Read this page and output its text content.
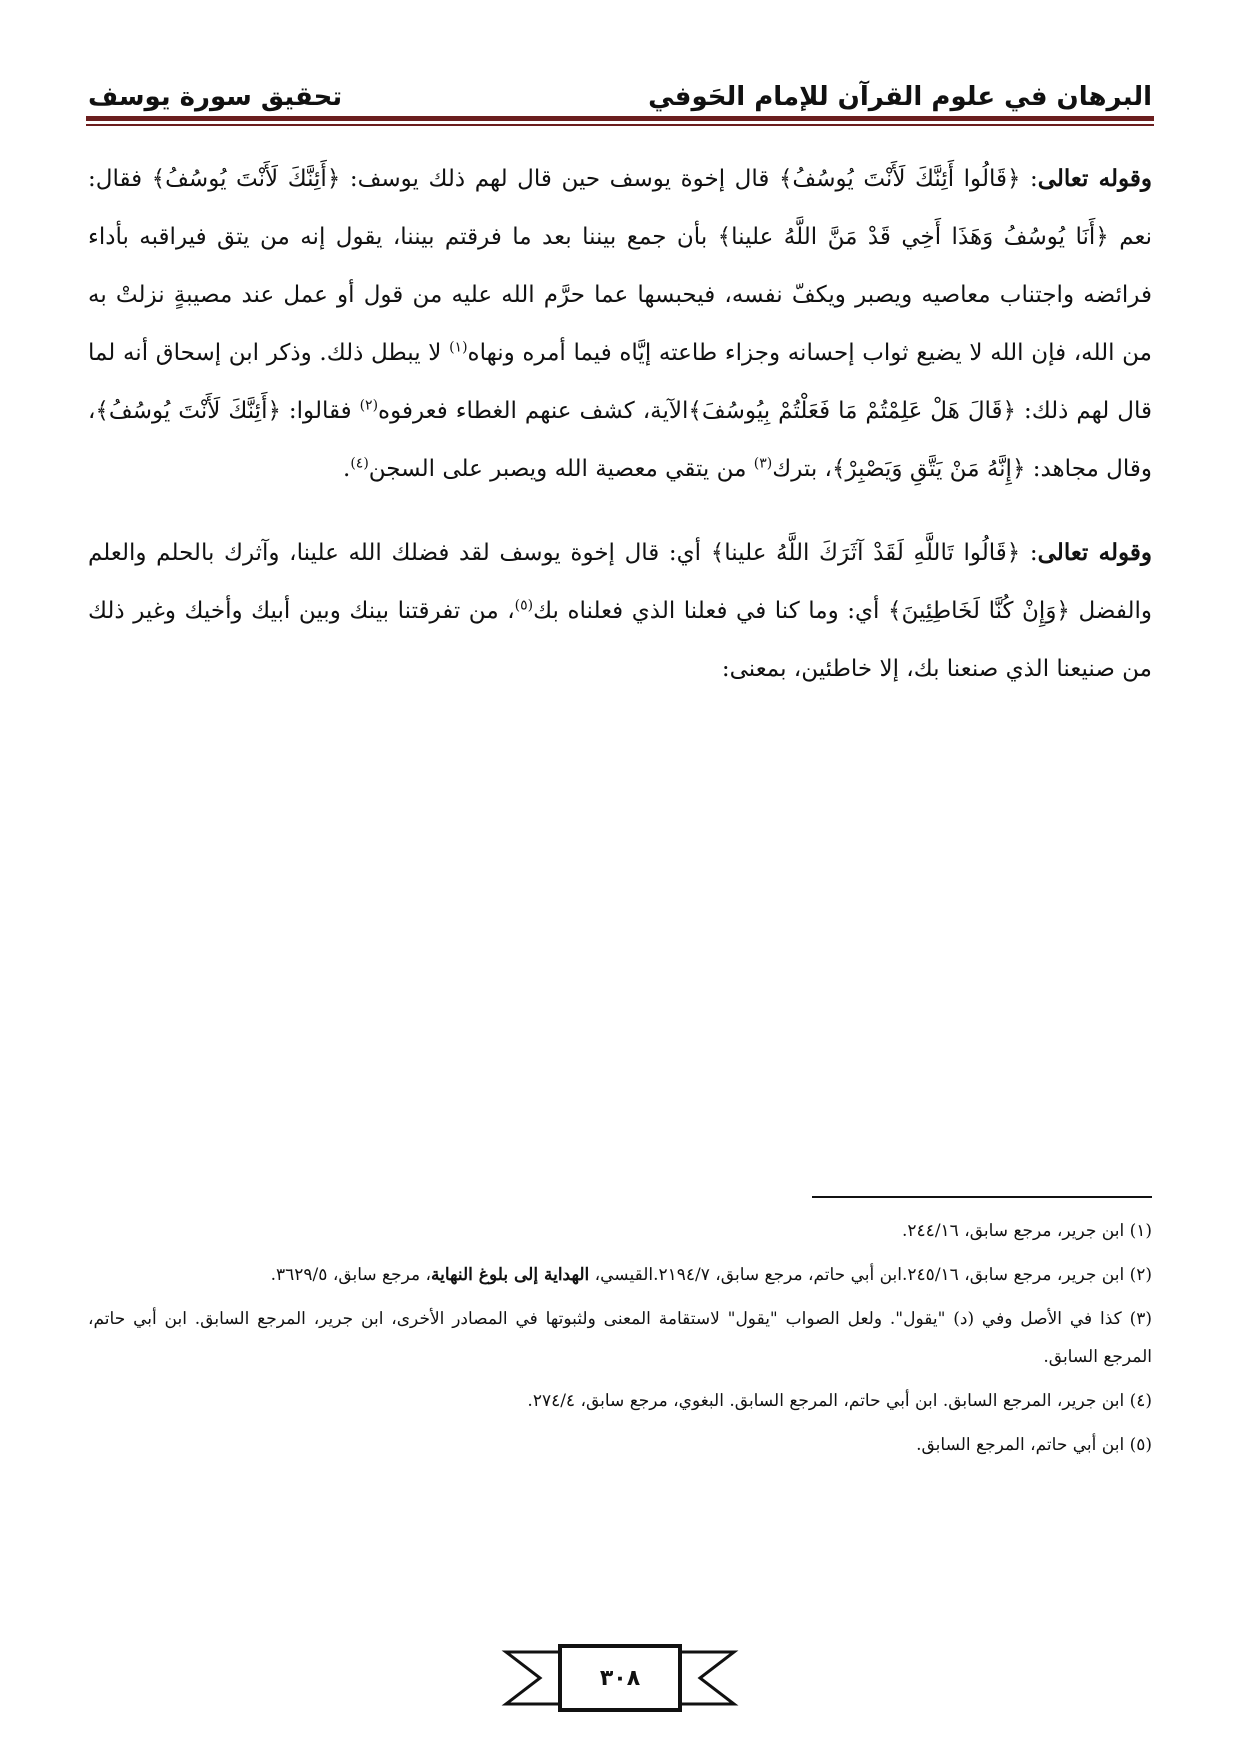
البرهان في علوم القرآن للإمام الحَوفي
تحقيق سورة يوسف

وقوله تعالى: ﴿قَالُوا أَئِنَّكَ لَأَنْتَ يُوسُفُ﴾ قال إخوة يوسف حين قال لهم ذلك يوسف: ﴿أَئِنَّكَ لَأَنْتَ يُوسُفُ﴾ فقال: نعم ﴿أَنَا يُوسُفُ وَهَذَا أَخِي قَدْ مَنَّ اللَّهُ علينا﴾ بأن جمع بيننا بعد ما فرقتم بيننا، يقول إنه من يتق فيراقبه بأداء فرائضه واجتناب معاصيه ويصبر ويكفّ نفسه، فيحبسها عما حرَّم الله عليه من قول أو عمل عند مصيبةٍ نزلتْ به من الله، فإن الله لا يضيع ثواب إحسانه وجزاء طاعته إيَّاه فيما أمره ونهاه$^{(١)}$ لا يبطل ذلك. وذكر ابن إسحاق أنه لما قال لهم ذلك: ﴿قَالَ هَلْ عَلِمْتُمْ مَا فَعَلْتُمْ بِيُوسُفَ﴾الآية، كشف عنهم الغطاء فعرفوه$^{(٢)}$ فقالوا: ﴿أَئِنَّكَ لَأَنْتَ يُوسُفُ﴾، وقال مجاهد: ﴿إِنَّهُ مَنْ يَتَّقِ وَيَصْبِرْ﴾، بترك$^{(٣)}$ من يتقي معصية الله ويصبر على السجن$^{(٤)}$.

وقوله تعالى: ﴿قَالُوا تَاللَّهِ لَقَدْ آثَرَكَ اللَّهُ علينا﴾ أي: قال إخوة يوسف لقد فضلك الله علينا، وآثرك بالحلم والعلم والفضل ﴿وَإِنْ كُنَّا لَخَاطِئِينَ﴾ أي: وما كنا في فعلنا الذي فعلناه بك$^{(٥)}$، من تفرقتنا بينك وبين أبيك وأخيك وغير ذلك من صنيعنا الذي صنعنا بك، إلا خاطئين، بمعنى:

(١) ابن جرير، مرجع سابق، ٢٤٤/١٦.

(٢) ابن جرير، مرجع سابق، ٢٤٥/١٦.ابن أبي حاتم، مرجع سابق، ٢١٩٤/٧.القيسي، الهداية إلى بلوغ النهاية، مرجع سابق، ٣٦٢٩/٥.

(٣) كذا في الأصل وفي (د) "يقول". ولعل الصواب "يقول" لاستقامة المعنى ولثبوتها في المصادر الأخرى، ابن جرير، المرجع السابق. ابن أبي حاتم، المرجع السابق.

(٤) ابن جرير، المرجع السابق. ابن أبي حاتم، المرجع السابق. البغوي، مرجع سابق، ٢٧٤/٤.

(٥) ابن أبي حاتم، المرجع السابق.

٣٠٨
